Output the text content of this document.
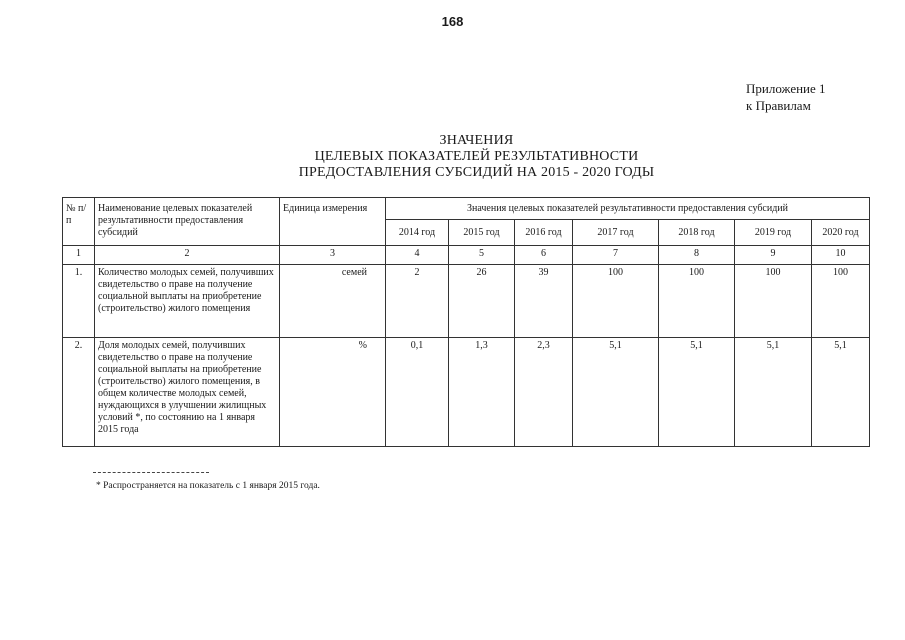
168
Приложение 1
к Правилам
ЗНАЧЕНИЯ
ЦЕЛЕВЫХ ПОКАЗАТЕЛЕЙ РЕЗУЛЬТАТИВНОСТИ
ПРЕДОСТАВЛЕНИЯ СУБСИДИЙ НА 2015 - 2020 ГОДЫ
№ п/п	Наименование целевых показателей результативности предоставления субсидий	Единица измерения	Значения целевых показателей результативности предоставления субсидий						
			2014 год	2015 год	2016 год	2017 год	2018 год	2019 год	2020 год
1	2	3	4	5	6	7	8	9	10
1.	Количество молодых семей, получивших свидетельство о праве на получение социальной выплаты на приобретение (строительство) жилого помещения	семей	2	26	39	100	100	100	100
2.	Доля молодых семей, получивших свидетельство о праве на получение социальной выплаты на приобретение (строительство) жилого помещения, в общем количестве молодых семей, нуждающихся в улучшении жилищных условий *, по состоянию на 1 января 2015 года	%	0,1	1,3	2,3	5,1	5,1	5,1	5,1
* Распространяется на показатель с 1 января 2015 года.
